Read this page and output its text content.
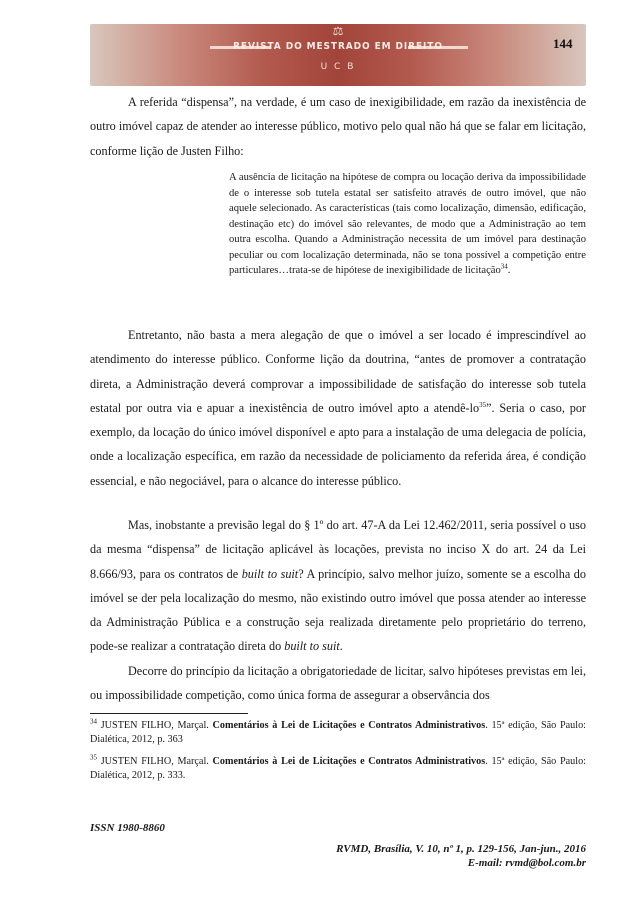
⚖
REVISTA DO MESTRADO EM DIREITO
U C B
144

A referida “dispensa”, na verdade, é um caso de inexigibilidade, em razão da inexistência de outro imóvel capaz de atender ao interesse público, motivo pelo qual não há que se falar em licitação, conforme lição de Justen Filho:

A ausência de licitação na hipótese de compra ou locação deriva da impossibilidade de o interesse sob tutela estatal ser satisfeito através de outro imóvel, que não aquele selecionado. As características (tais como localização, dimensão, edificação, destinação etc) do imóvel são relevantes, de modo que a Administração ao tem outra escolha. Quando a Administração necessita de um imóvel para destinação peculiar ou com localização determinada, não se tona possível a competição entre particulares…trata-se de hipótese de inexigibilidade de licitação$^{34}$.

Entretanto, não basta a mera alegação de que o imóvel a ser locado é imprescindível ao atendimento do interesse público. Conforme lição da doutrina, “antes de promover a contratação direta, a Administração deverá comprovar a impossibilidade de satisfação do interesse sob tutela estatal por outra via e apuar a inexistência de outro imóvel apto a atendê-$lo^{35}$”. Seria o caso, por exemplo, da locação do único imóvel disponível e apto para a instalação de uma delegacia de polícia, onde a localização específica, em razão da necessidade de policiamento da referida área, é condição essencial, e não negociável, para o alcance do interesse público.

Mas, inobstante a previsão legal do § 1º do art. 47-A da Lei 12.462/2011, seria possível o uso da mesma “dispensa” de licitação aplicável às locações, prevista no inciso X do art. 24 da Lei 8.666/93, para os contratos de built to suit? A princípio, salvo melhor juízo, somente se a escolha do imóvel se der pela localização do mesmo, não existindo outro imóvel que possa atender ao interesse da Administração Pública e a construção seja realizada diretamente pelo proprietário do terreno, pode-se realizar a contratação direta do built to suit.

Decorre do princípio da licitação a obrigatoriedade de licitar, salvo hipóteses previstas em lei, ou impossibilidade competição, como única forma de assegurar a observância dos

$^{34}$ JUSTEN FILHO, Marçal. Comentários à Lei de Licitações e Contratos Administrativos. 15ª edição, São Paulo: Dialética, 2012, p. 363

$^{35}$ JUSTEN FILHO, Marçal. Comentários à Lei de Licitações e Contratos Administrativos. 15ª edição, São Paulo: Dialética, 2012, p. 333.

ISSN 1980-8860
RVMD, Brasília, V. 10, nº 1, p. 129-156, Jan-jun., 2016
E-mail: rvmd@bol.com.br
